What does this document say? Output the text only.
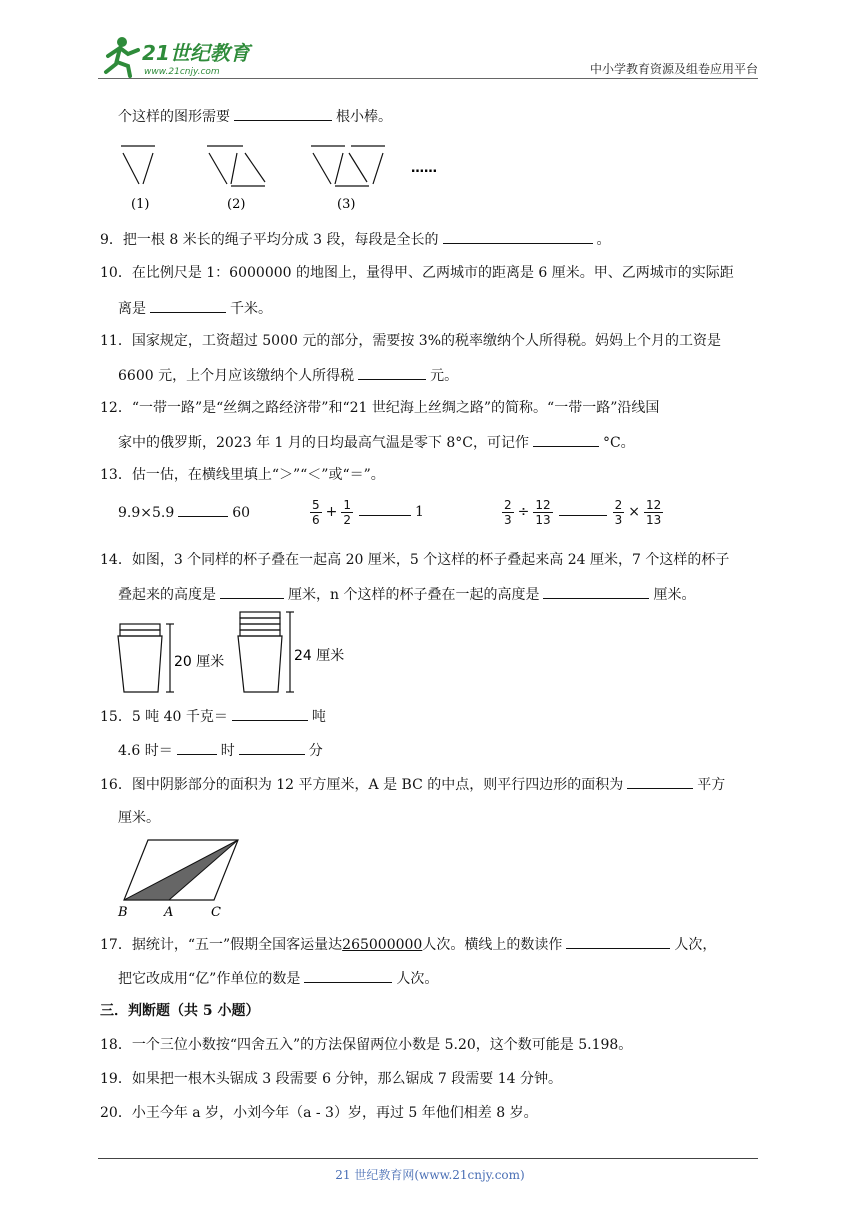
21世纪教育
www.21cnjy.com	中小学教育资源及组卷应用平台
个这样的图形需要	根小棒。
(1)	(2)	(3)
……
9．把一根 8 米长的绳子平均分成 3 段，每段是全长的	。
10．在比例尺是 1：6000000 的地图上，量得甲、乙两城市的距离是 6 厘米。甲、乙两城市的实际距
离是	千米。
11．国家规定，工资超过 5000 元的部分，需要按 3%的税率缴纳个人所得税。妈妈上个月的工资是
6600 元，上个月应该缴纳个人所得税	元。
12．“一带一路”是“丝绸之路经济带”和“21 世纪海上丝绸之路”的简称。“一带一路”沿线国
家中的俄罗斯，2023 年 1 月的日均最高气温是零下 8°C，可记作	°C。
13．估一估，在横线里填上“＞”“＜”或“＝”。
9.9×5.9	60	$\frac{5}{6} + \frac{1}{2}$	1	$\frac{2}{3} \div \frac{12}{13}$	$\frac{2}{3} \times \frac{12}{13}$
14．如图，3 个同样的杯子叠在一起高 20 厘米，5 个这样的杯子叠起来高 24 厘米，7 个这样的杯子
叠起来的高度是	厘米，n 个这样的杯子叠在一起的高度是	厘米。
20 厘米	24 厘米
15．5 吨 40 千克＝	吨
4.6 时＝	时	分
16．图中阴影部分的面积为 12 平方厘米，A 是 BC 的中点，则平行四边形的面积为	平方
厘米。
B	A	C
17．据统计，“五一”假期全国客运量达265000000人次。横线上的数读作	人次，
把它改成用“亿”作单位的数是	人次。
三．判断题（共 5 小题）
18．一个三位小数按“四舍五入”的方法保留两位小数是 5.20，这个数可能是 5.198。
19．如果把一根木头锯成 3 段需要 6 分钟，那么锯成 7 段需要 14 分钟。
20．小王今年 a 岁，小刘今年（a - 3）岁，再过 5 年他们相差 8 岁。
21 世纪教育网(www.21cnjy.com)
